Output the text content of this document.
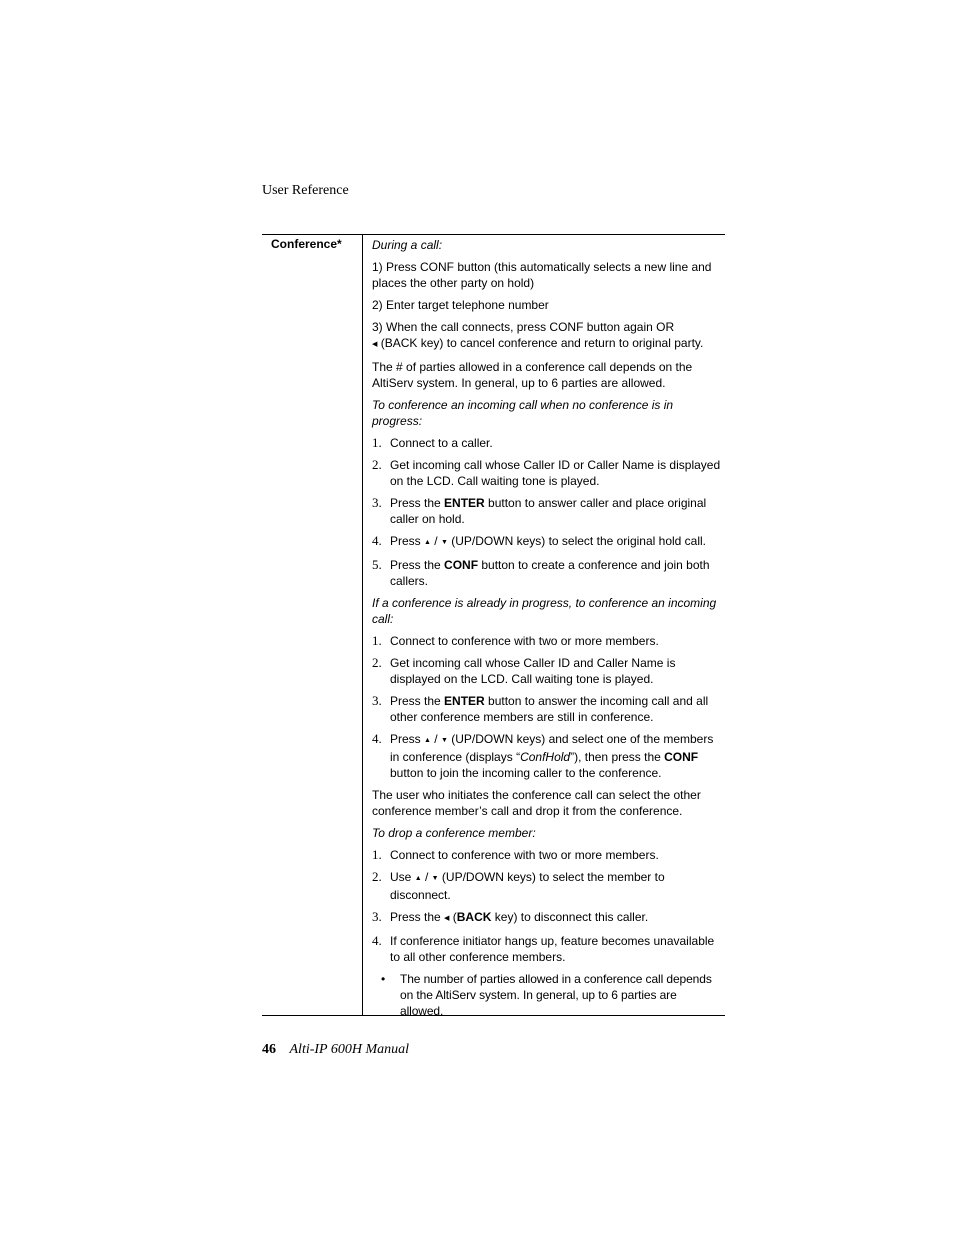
User Reference
Conference*	During a call:

1) Press CONF button (this automatically selects a new line and places the other party on hold)

2) Enter target telephone number

3) When the call connects, press CONF button again OR
◀ (BACK key) to cancel conference and return to original party.

The # of parties allowed in a conference call depends on the AltiServ system. In general, up to 6 parties are allowed.

To conference an incoming call when no conference is in progress:

1. Connect to a caller.
2. Get incoming call whose Caller ID or Caller Name is displayed on the LCD. Call waiting tone is played.
3. Press the ENTER button to answer caller and place original caller on hold.
4. Press ▲ / ▼ (UP/DOWN keys) to select the original hold call.
5. Press the CONF button to create a conference and join both callers.

If a conference is already in progress, to conference an incoming call:

1. Connect to conference with two or more members.
2. Get incoming call whose Caller ID and Caller Name is displayed on the LCD. Call waiting tone is played.
3. Press the ENTER button to answer the incoming call and all other conference members are still in conference.
4. Press ▲ / ▼ (UP/DOWN keys) and select one of the members in conference (displays “ConfHold”), then press the CONF button to join the incoming caller to the conference.

The user who initiates the conference call can select the other conference member’s call and drop it from the conference.

To drop a conference member:

1. Connect to conference with two or more members.
2. Use ▲ / ▼ (UP/DOWN keys) to select the member to disconnect.
3. Press the ◀ (BACK key) to disconnect this caller.
4. If conference initiator hangs up, feature becomes unavailable to all other conference members.

• The number of parties allowed in a conference call depends on the AltiServ system. In general, up to 6 parties are allowed.

46 Alti-IP 600H Manual
